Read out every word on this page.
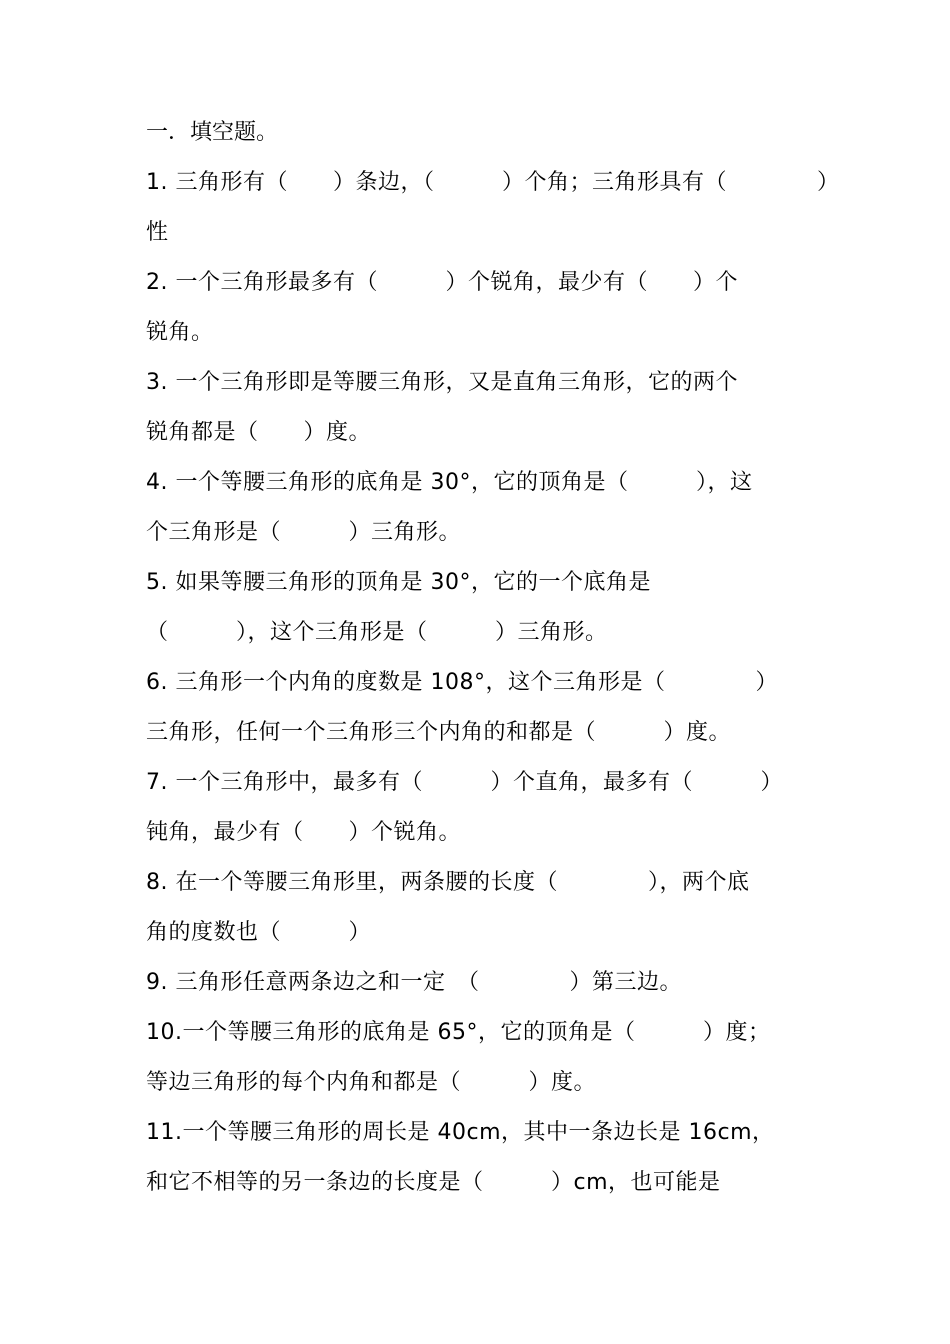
一．填空题。
1. 三角形有（　　）条边，（　　　）个角；三角形具有（　　　　）
性
2. 一个三角形最多有（　　　）个锐角，最少有（　　）个
锐角。
3. 一个三角形即是等腰三角形，又是直角三角形，它的两个
锐角都是（　　）度。
4. 一个等腰三角形的底角是 30°，它的顶角是（　　　），这
个三角形是（　　　）三角形。
5. 如果等腰三角形的顶角是 30°，它的一个底角是
（　　　），这个三角形是（　　　）三角形。
6. 三角形一个内角的度数是 108°，这个三角形是（　　　　）
三角形，任何一个三角形三个内角的和都是（　　　）度。
7. 一个三角形中，最多有（　　　）个直角，最多有（　　　）
钝角，最少有（　　）个锐角。
8. 在一个等腰三角形里，两条腰的长度（　　　　），两个底
角的度数也（　　　）
9. 三角形任意两条边之和一定　（　　　　）第三边。
10.一个等腰三角形的底角是 65°，它的顶角是（　　　）度；
等边三角形的每个内角和都是（　　　）度。
11.一个等腰三角形的周长是 40cm，其中一条边长是 16cm，
和它不相等的另一条边的长度是（　　　）cm，也可能是
